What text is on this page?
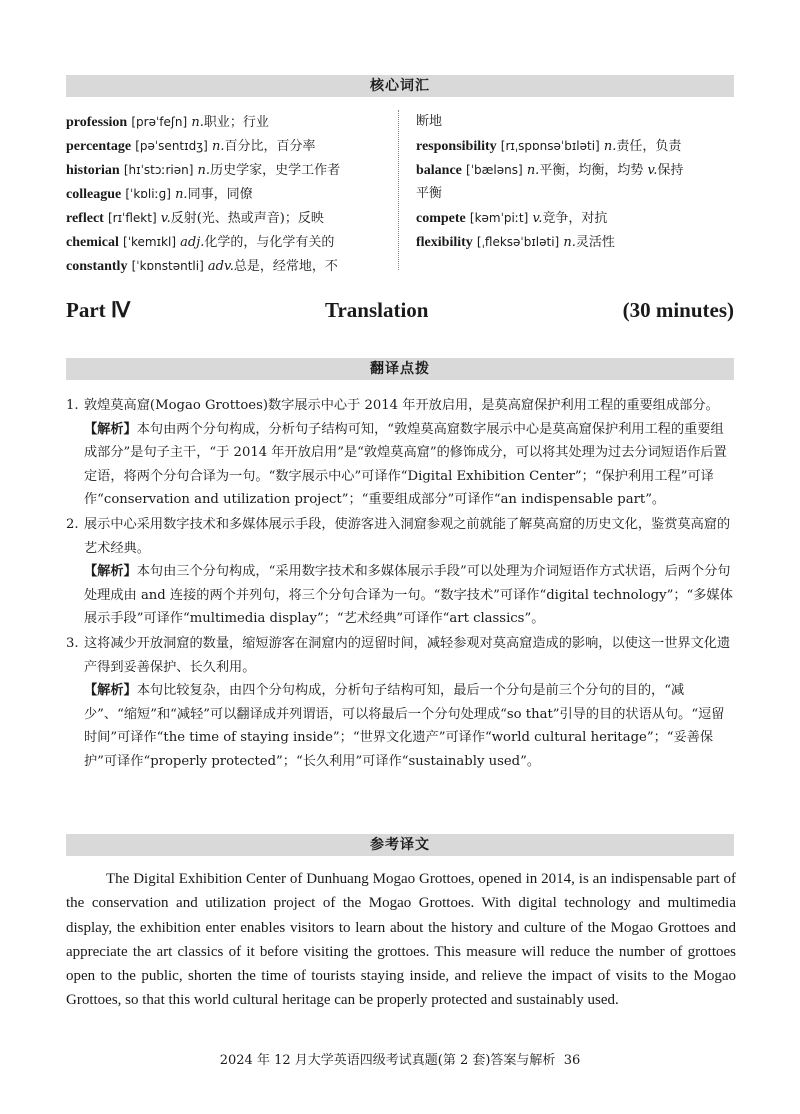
核心词汇
profession [prəˈfeʃn] n.职业；行业
percentage [pəˈsentɪdʒ] n.百分比，百分率
historian [hɪˈstɔːriən] n.历史学家，史学工作者
colleague [ˈkɒliːɡ] n.同事，同僚
reflect [rɪˈflekt] v.反射(光、热或声音)；反映
chemical [ˈkemɪkl] adj.化学的，与化学有关的
constantly [ˈkɒnstəntli] adv.总是，经常地，不
断地
responsibility [rɪˌspɒnsəˈbɪləti] n.责任，负责
balance [ˈbæləns] n.平衡，均衡，均势 v.保持
平衡
compete [kəmˈpiːt] v.竞争，对抗
flexibility [ˌfleksəˈbɪləti] n.灵活性
Part Ⅳ	Translation	(30 minutes)
翻译点拨
1. 敦煌莫高窟(Mogao Grottoes)数字展示中心于 2014 年开放启用，是莫高窟保护利用工程的重要组成部分。
【解析】本句由两个分句构成，分析句子结构可知，“敦煌莫高窟数字展示中心是莫高窟保护利用工程的重要组成部分”是句子主干，“于 2014 年开放启用”是“敦煌莫高窟”的修饰成分，可以将其处理为过去分词短语作后置定语，将两个分句合译为一句。“数字展示中心”可译作“Digital Exhibition Center”；“保护利用工程”可译作“conservation and utilization project”；“重要组成部分”可译作“an indispensable part”。
2. 展示中心采用数字技术和多媒体展示手段，使游客进入洞窟参观之前就能了解莫高窟的历史文化，鉴赏莫高窟的艺术经典。
【解析】本句由三个分句构成，“采用数字技术和多媒体展示手段”可以处理为介词短语作方式状语，后两个分句处理成由 and 连接的两个并列句，将三个分句合译为一句。“数字技术”可译作“digital technology”；“多媒体展示手段”可译作“multimedia display”；“艺术经典”可译作“art classics”。
3. 这将减少开放洞窟的数量，缩短游客在洞窟内的逗留时间，减轻参观对莫高窟造成的影响，以使这一世界文化遗产得到妥善保护、长久利用。
【解析】本句比较复杂，由四个分句构成，分析句子结构可知，最后一个分句是前三个分句的目的，“减少”、“缩短”和“减轻”可以翻译成并列谓语，可以将最后一个分句处理成“so that”引导的目的状语从句。“逗留时间”可译作“the time of staying inside”；“世界文化遗产”可译作“world cultural heritage”；“妥善保护”可译作“properly protected”；“长久利用”可译作“sustainably used”。
参考译文
The Digital Exhibition Center of Dunhuang Mogao Grottoes, opened in 2014, is an indispensable part of the conservation and utilization project of the Mogao Grottoes. With digital technology and multimedia display, the exhibition enter enables visitors to learn about the history and culture of the Mogao Grottoes and appreciate the art classics of it before visiting the grottoes. This measure will reduce the number of grottoes open to the public, shorten the time of tourists staying inside, and relieve the impact of visits to the Mogao Grottoes, so that this world cultural heritage can be properly protected and sustainably used.
2024 年 12 月大学英语四级考试真题(第 2 套)答案与解析 36
